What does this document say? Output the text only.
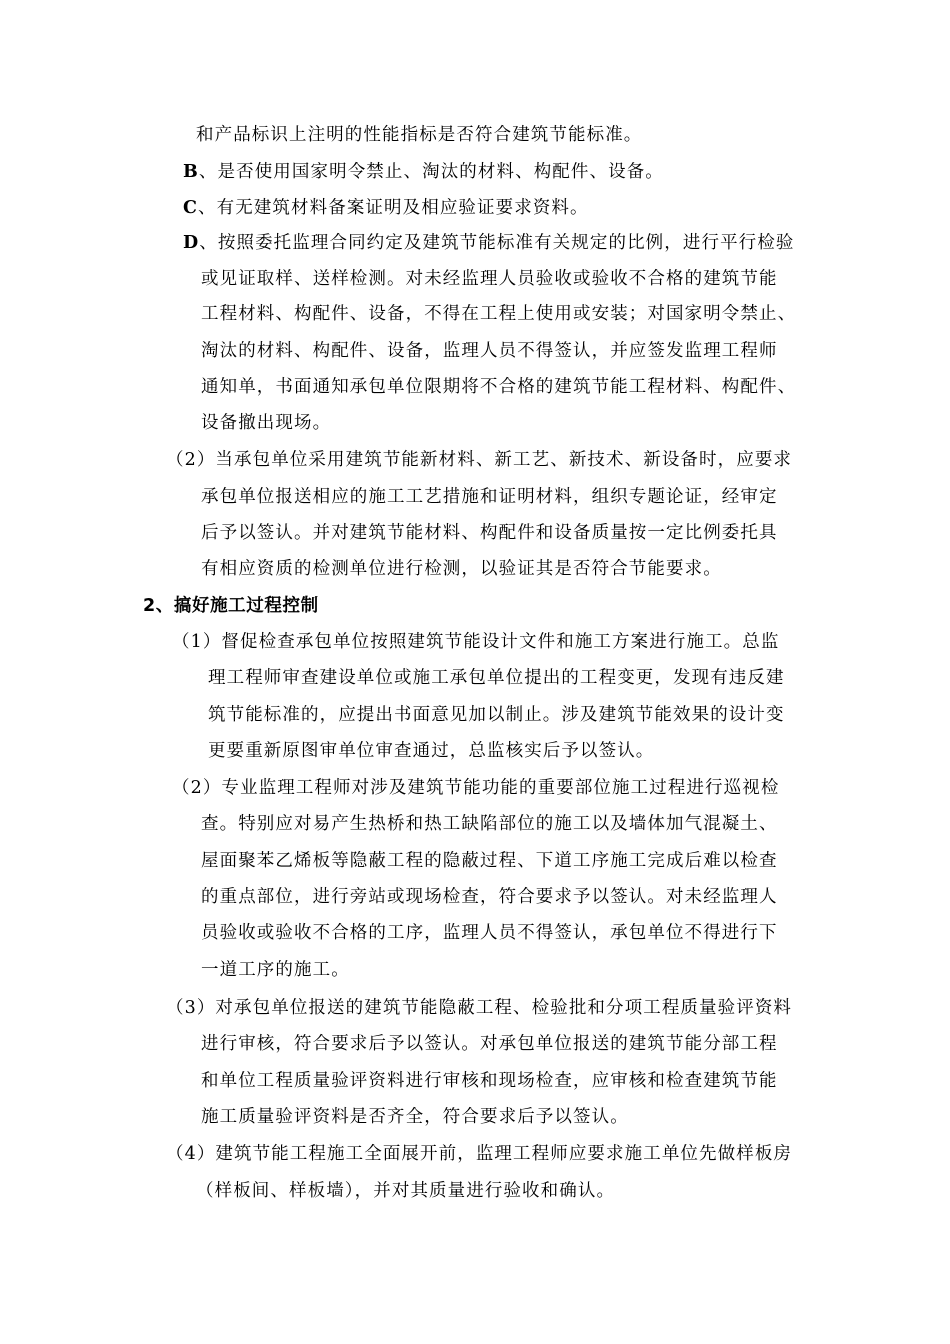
和产品标识上注明的性能指标是否符合建筑节能标准。
B、是否使用国家明令禁止、淘汰的材料、构配件、设备。
C、有无建筑材料备案证明及相应验证要求资料。
D、按照委托监理合同约定及建筑节能标准有关规定的比例，进行平行检验
或见证取样、送样检测。对未经监理人员验收或验收不合格的建筑节能
工程材料、构配件、设备，不得在工程上使用或安装；对国家明令禁止、
淘汰的材料、构配件、设备，监理人员不得签认，并应签发监理工程师
通知单，书面通知承包单位限期将不合格的建筑节能工程材料、构配件、
设备撤出现场。
（2）当承包单位采用建筑节能新材料、新工艺、新技术、新设备时，应要求
承包单位报送相应的施工工艺措施和证明材料，组织专题论证，经审定
后予以签认。并对建筑节能材料、构配件和设备质量按一定比例委托具
有相应资质的检测单位进行检测，以验证其是否符合节能要求。
2、搞好施工过程控制
（1）督促检查承包单位按照建筑节能设计文件和施工方案进行施工。总监
理工程师审查建设单位或施工承包单位提出的工程变更，发现有违反建
筑节能标准的，应提出书面意见加以制止。涉及建筑节能效果的设计变
更要重新原图审单位审查通过，总监核实后予以签认。
（2）专业监理工程师对涉及建筑节能功能的重要部位施工过程进行巡视检
查。特别应对易产生热桥和热工缺陷部位的施工以及墙体加气混凝土、
屋面聚苯乙烯板等隐蔽工程的隐蔽过程、下道工序施工完成后难以检查
的重点部位，进行旁站或现场检查，符合要求予以签认。对未经监理人
员验收或验收不合格的工序，监理人员不得签认，承包单位不得进行下
一道工序的施工。
（3）对承包单位报送的建筑节能隐蔽工程、检验批和分项工程质量验评资料
进行审核，符合要求后予以签认。对承包单位报送的建筑节能分部工程
和单位工程质量验评资料进行审核和现场检查，应审核和检查建筑节能
施工质量验评资料是否齐全，符合要求后予以签认。
（4）建筑节能工程施工全面展开前，监理工程师应要求施工单位先做样板房
（样板间、样板墙），并对其质量进行验收和确认。
